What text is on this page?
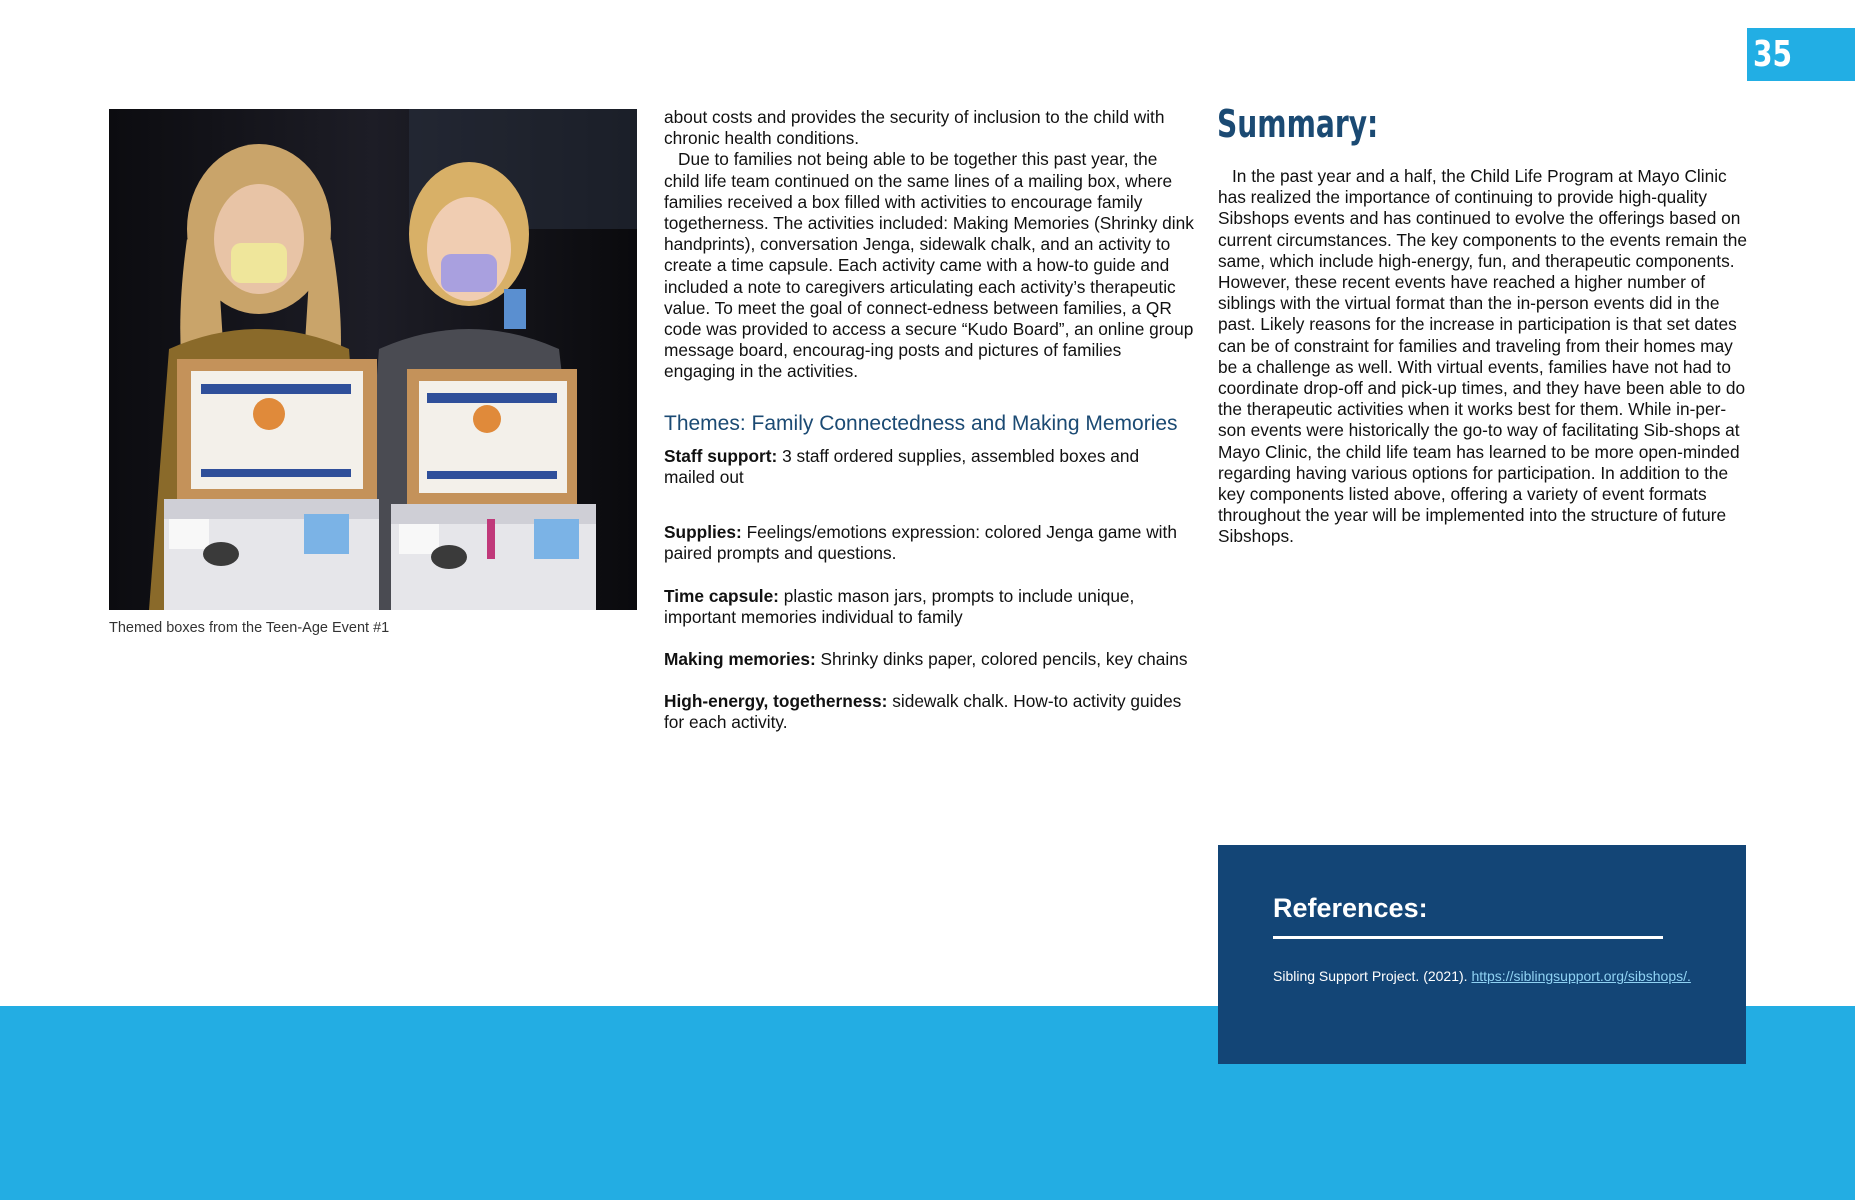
35
Themed boxes from the Teen-Age Event #1

about costs and provides the security of inclusion to the child with chronic health conditions.

Due to families not being able to be together this past year, the child life team continued on the same lines of a mailing box, where families received a box filled with activities to encourage family togetherness. The activities included: Making Memories (Shrinky dink handprints), conversation Jenga, sidewalk chalk, and an activity to create a time capsule. Each activity came with a how-to guide and included a note to caregivers articulating each activity’s therapeutic value. To meet the goal of connect-edness between families, a QR code was provided to access a secure “Kudo Board”, an online group message board, encourag-ing posts and pictures of families engaging in the activities.

Themes: Family Connectedness and Making Memories

Staff support: 3 staff ordered supplies, assembled boxes and mailed out

Supplies: Feelings/emotions expression: colored Jenga game with paired prompts and questions.

Time capsule: plastic mason jars, prompts to include unique, important memories individual to family

Making memories: Shrinky dinks paper, colored pencils, key chains

High-energy, togetherness: sidewalk chalk. How-to activity guides for each activity.

Summary:

In the past year and a half, the Child Life Program at Mayo Clinic has realized the importance of continuing to provide high-quality Sibshops events and has continued to evolve the offerings based on current circumstances. The key components to the events remain the same, which include high-energy, fun, and therapeutic components. However, these recent events have reached a higher number of siblings with the virtual format than the in-person events did in the past. Likely reasons for the increase in participation is that set dates can be of constraint for families and traveling from their homes may be a challenge as well. With virtual events, families have not had to coordinate drop-off and pick-up times, and they have been able to do the therapeutic activities when it works best for them. While in-per-son events were historically the go-to way of facilitating Sib-shops at Mayo Clinic, the child life team has learned to be more open-minded regarding having various options for participation. In addition to the key components listed above, offering a variety of event formats throughout the year will be implemented into the structure of future Sibshops.

References:

Sibling Support Project. (2021). https://siblingsupport.org/sibshops/.
